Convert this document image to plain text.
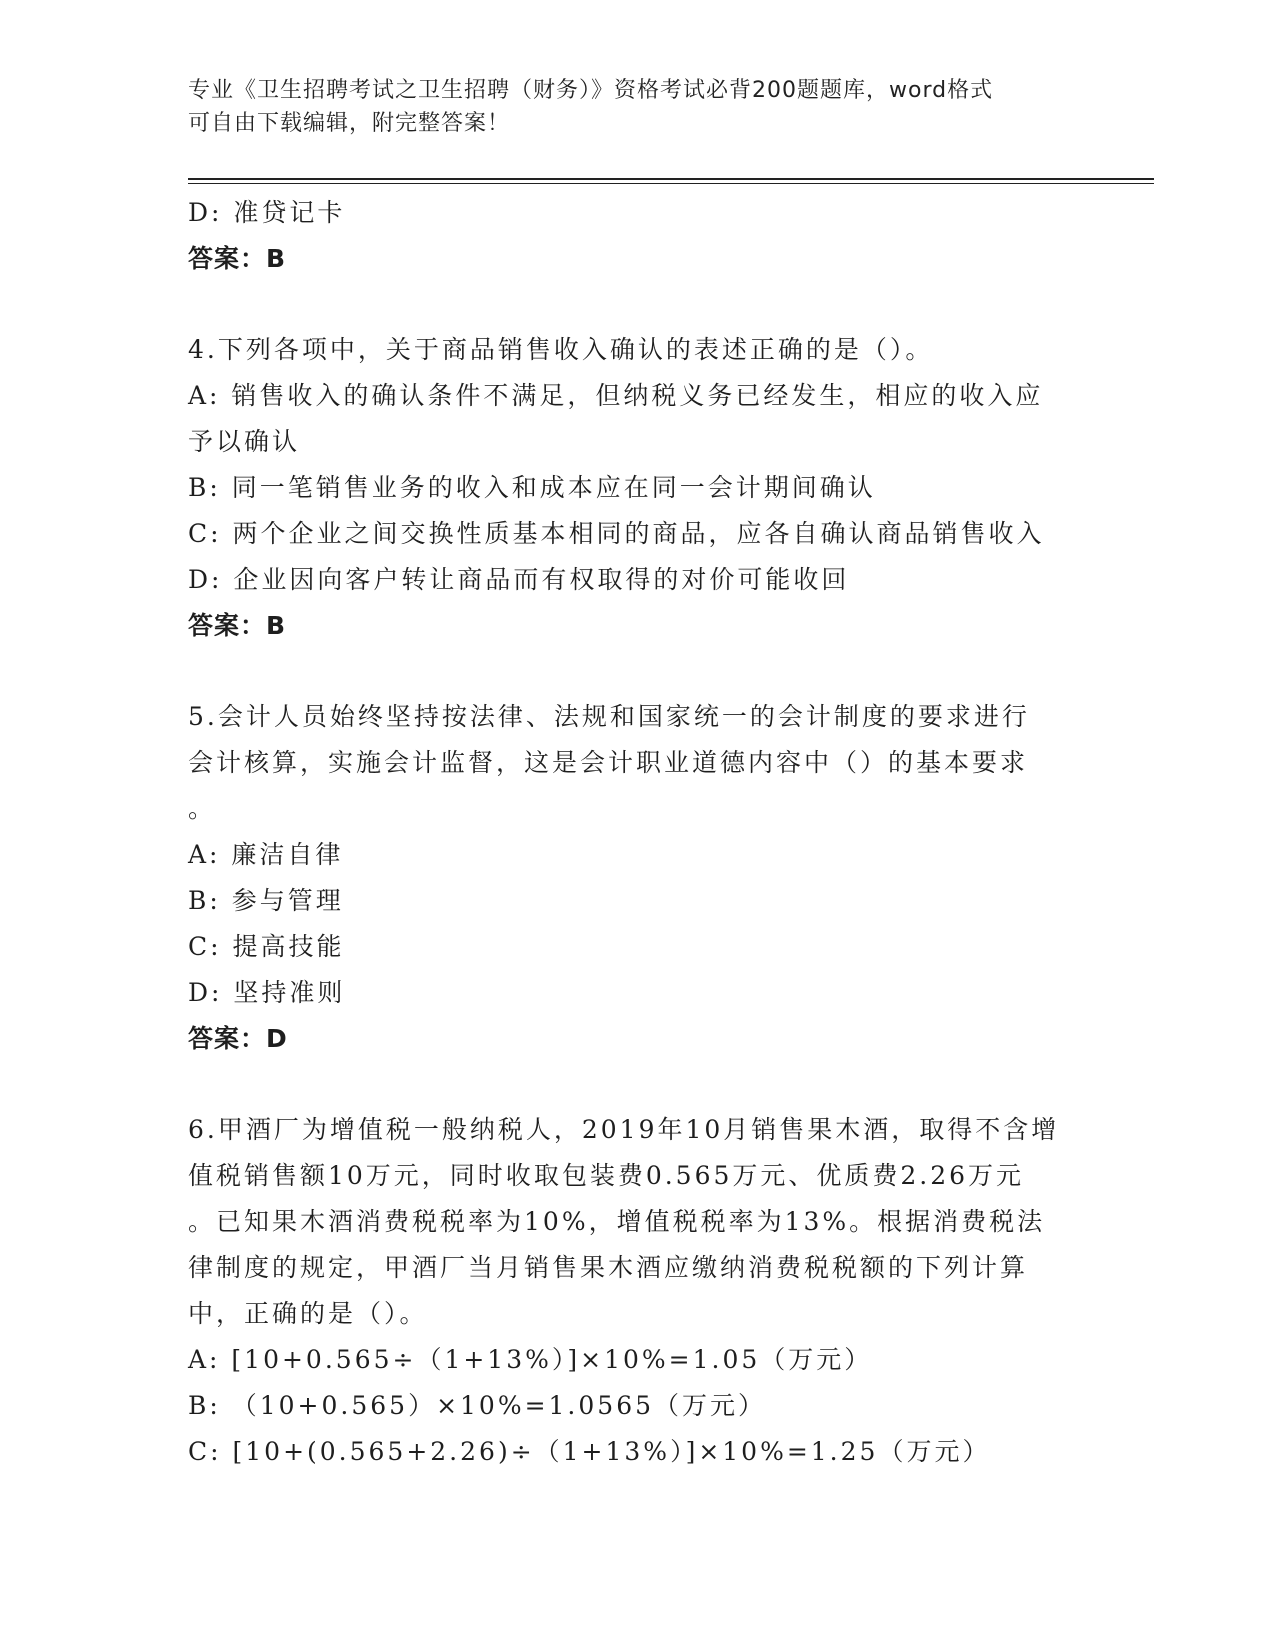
专业《卫生招聘考试之卫生招聘（财务）》资格考试必背200题题库，word格式
可自由下载编辑，附完整答案！
D: 准贷记卡
答案：B
4.下列各项中，关于商品销售收入确认的表述正确的是（）。
A: 销售收入的确认条件不满足，但纳税义务已经发生，相应的收入应
予以确认
B: 同一笔销售业务的收入和成本应在同一会计期间确认
C: 两个企业之间交换性质基本相同的商品，应各自确认商品销售收入
D: 企业因向客户转让商品而有权取得的对价可能收回
答案：B
5.会计人员始终坚持按法律、法规和国家统一的会计制度的要求进行
会计核算，实施会计监督，这是会计职业道德内容中（）的基本要求
。
A: 廉洁自律
B: 参与管理
C: 提高技能
D: 坚持准则
答案：D
6.甲酒厂为增值税一般纳税人，2019年10月销售果木酒，取得不含增
值税销售额10万元，同时收取包装费0.565万元、优质费2.26万元
。已知果木酒消费税税率为10%，增值税税率为13%。根据消费税法
律制度的规定，甲酒厂当月销售果木酒应缴纳消费税税额的下列计算
中，正确的是（）。
A: [10+0.565÷（1+13%）]×10%=1.05（万元）
B: （10+0.565）×10%=1.0565（万元）
C: [10+(0.565+2.26)÷（1+13%）]×10%=1.25（万元）
